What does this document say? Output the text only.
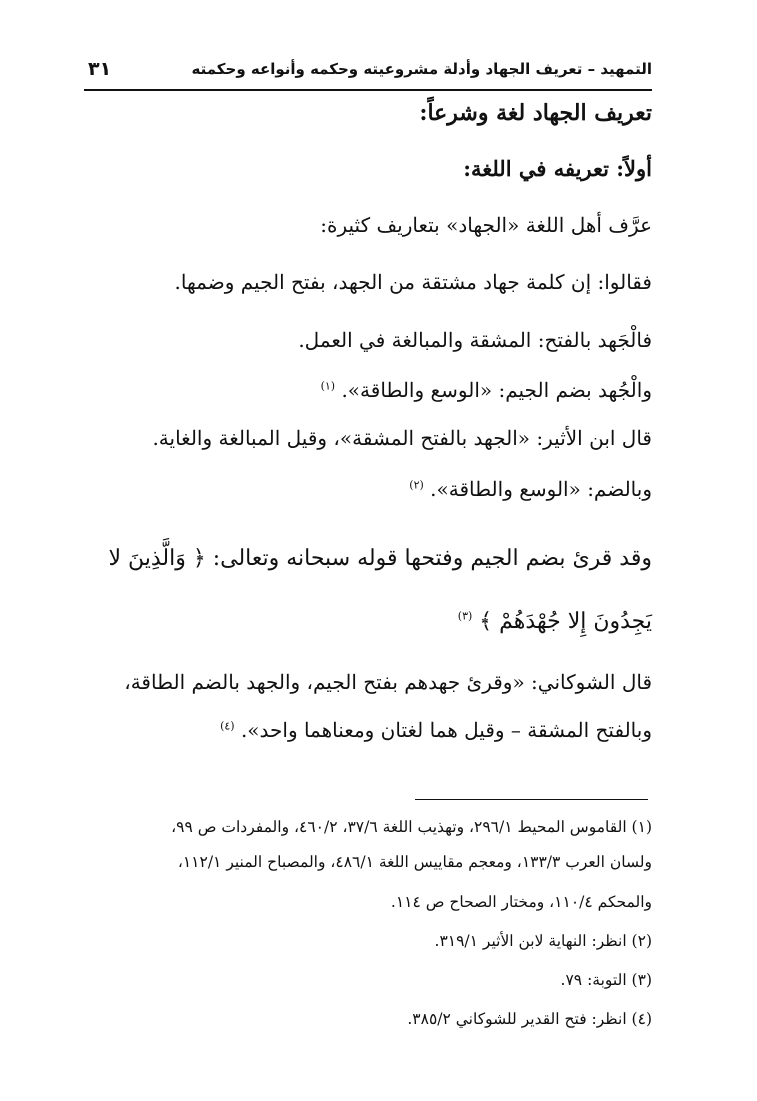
التمهيد – تعريف الجهاد وأدلة مشروعيته وحكمه وأنواعه وحكمته
٣١
تعريف الجهاد لغة وشرعاً:
أولاً: تعريفه في اللغة:
عرَّف أهل اللغة «الجهاد» بتعاريف كثيرة:
فقالوا: إن كلمة جهاد مشتقة من الجهد، بفتح الجيم وضمها.
فالْجَهد بالفتح: المشقة والمبالغة في العمل.
والْجُهد بضم الجيم: «الوسع والطاقة». $^{(١)}$
قال ابن الأثير: «الجهد بالفتح المشقة»، وقيل المبالغة والغاية.
وبالضم: «الوسع والطاقة». $^{(٢)}$
وقد قرئ بضم الجيم وفتحها قوله سبحانه وتعالى: ﴿ وَالَّذِينَ لا
يَجِدُونَ إِلا جُهْدَهُمْ ﴾ $^{(٣)}$
قال الشوكاني: «وقرئ جهدهم بفتح الجيم، والجهد بالضم الطاقة،
وبالفتح المشقة – وقيل هما لغتان ومعناهما واحد». $^{(٤)}$
(١) القاموس المحيط ٢٩٦/١، وتهذيب اللغة ٣٧/٦، ٤٦٠/٢، والمفردات ص ٩٩،
ولسان العرب ١٣٣/٣، ومعجم مقاييس اللغة ٤٨٦/١، والمصباح المنير ١١٢/١،
والمحكم ١١٠/٤، ومختار الصحاح ص ١١٤.
(٢) انظر: النهاية لابن الأثير ٣١٩/١.
(٣) التوبة: ٧٩.
(٤) انظر: فتح القدير للشوكاني ٣٨٥/٢.
